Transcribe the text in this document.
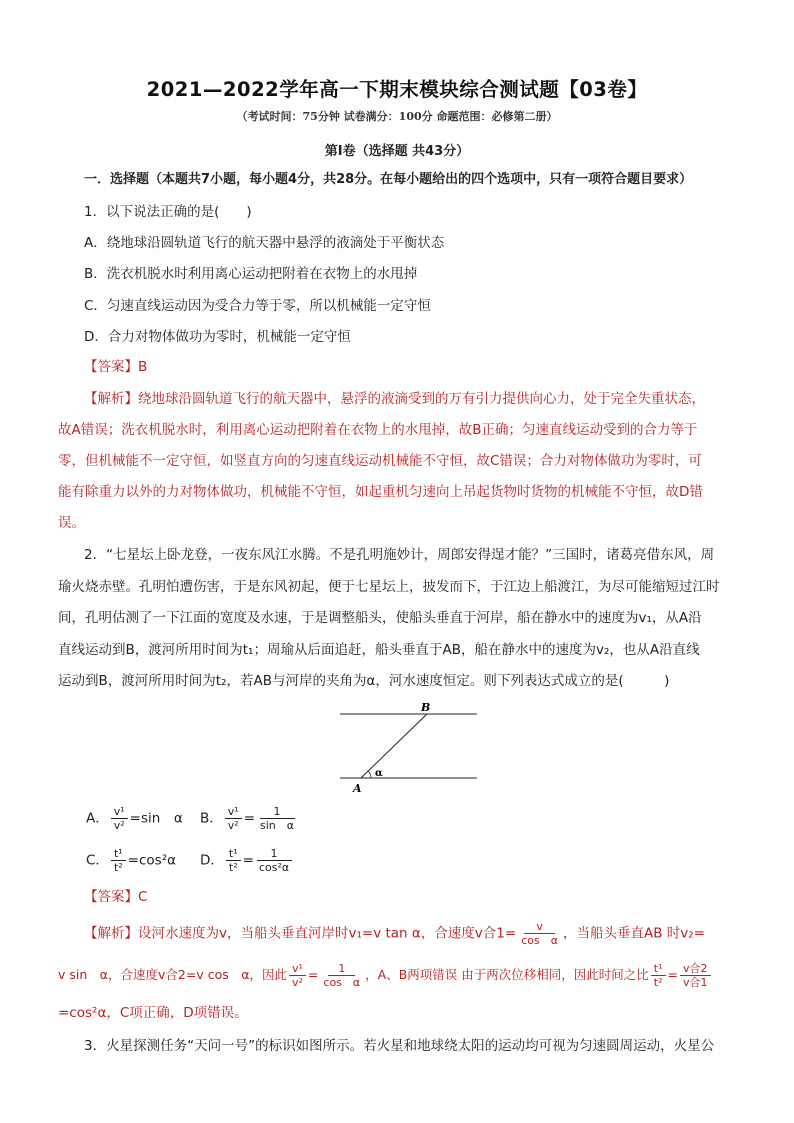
2021—2022学年高一下期末模块综合测试题【03卷】
（考试时间：75分钟 试卷满分：100分 命题范围：必修第二册）
第Ⅰ卷（选择题 共43分）
一．选择题（本题共7小题，每小题4分，共28分。在每小题给出的四个选项中，只有一项符合题目要求）
1．以下说法正确的是(　　)
A．绕地球沿圆轨道飞行的航天器中悬浮的液滴处于平衡状态
B．洗衣机脱水时利用离心运动把附着在衣物上的水甩掉
C．匀速直线运动因为受合力等于零，所以机械能一定守恒
D．合力对物体做功为零时，机械能一定守恒
【答案】B
【解析】绕地球沿圆轨道飞行的航天器中，悬浮的液滴受到的万有引力提供向心力，处于完全失重状态，
故A错误；洗衣机脱水时，利用离心运动把附着在衣物上的水甩掉，故B正确；匀速直线运动受到的合力等于
零，但机械能不一定守恒，如竖直方向的匀速直线运动机械能不守恒，故C错误；合力对物体做功为零时，可
能有除重力以外的力对物体做功，机械能不守恒，如起重机匀速向上吊起货物时货物的机械能不守恒，故D错
误。
2．“七星坛上卧龙登，一夜东风江水腾。不是孔明施妙计，周郎安得逞才能？”三国时，诸葛亮借东风，周
瑜火烧赤壁。孔明怕遭伤害，于是东风初起，便于七星坛上，披发而下，于江边上船渡江，为尽可能缩短过江时
间，孔明估测了一下江面的宽度及水速，于是调整船头，使船头垂直于河岸，船在静水中的速度为v₁，从A沿
直线运动到B，渡河所用时间为t₁；周瑜从后面追赶，船头垂直于AB，船在静水中的速度为v₂，也从A沿直线
运动到B，渡河所用时间为t₂，若AB与河岸的夹角为α，河水速度恒定。则下列表达式成立的是(　　　)
B
A
α
A． $\frac{\text{v¹}}{\text{v²}} =\sin$　α B． $\frac{\text{v¹}}{\text{v²}} = \frac{1}{\text{sin　α}}$
C． $\frac{\text{t¹}}{\text{t²}} =\cos^2\alpha$ D． $\frac{\text{t¹}}{\text{t²}} = \frac{1}{\text{cos²α}}$
【答案】C
【解析】设河水速度为v，当船头垂直河岸时v₁=v tan α，合速度v合$1= \frac{v}{\text{cos　α}}$ ，当船头垂直AB 时v₂=
v sin　α，合速度v合2=v cos　α，因此 $\frac{\text{v¹}}{\text{v²}} = \frac{1}{\text{cos　α}}$ ，A、B两项错误 由于两次位移相同，因此时间之比 $\frac{\text{t¹}}{\text{t²}} = \frac{\text{v合2}}{\text{v合1}}$
=cos²α，C项正确，D项错误。
3．火星探测任务“天问一号”的标识如图所示。若火星和地球绕太阳的运动均可视为匀速圆周运动，火星公
